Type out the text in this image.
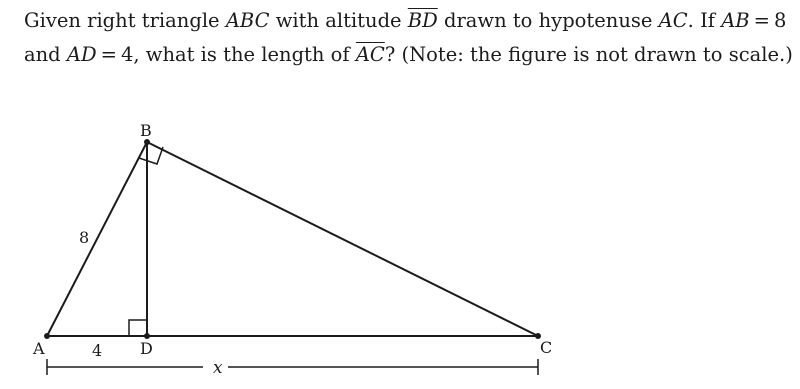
Given right triangle ABC with altitude $\overline{BD}$ drawn to hypotenuse AC. If AB = 8
and AD = 4, what is the length of $\overline{AC}$? (Note: the figure is not drawn to scale.)
A
B
C
D
8
4
x
